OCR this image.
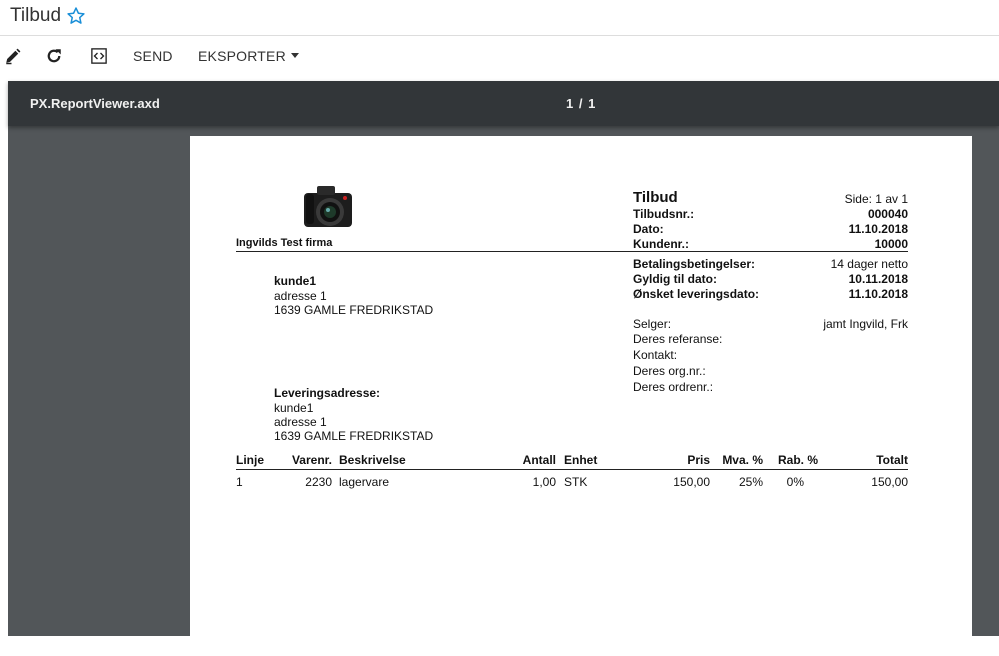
Tilbud
SEND EKSPORTER
PX.ReportViewer.axd	1 / 1
Ingvilds Test firma
Tilbud	Side: 1 av 1
Tilbudsnr.:	000040
Dato:	11.10.2018
Kundenr.:	10000
Betalingsbetingelser:	14 dager netto
Gyldig til dato:	10.11.2018
Ønsket leveringsdato:	11.10.2018
Selger:	jamt Ingvild, Frk
Deres referanse:
Kontakt:
Deres org.nr.:
Deres ordrenr.:
kunde1
adresse 1
1639 GAMLE FREDRIKSTAD
Leveringsadresse:
kunde1
adresse 1
1639 GAMLE FREDRIKSTAD
Linje	Varenr. Beskrivelse	Antall Enhet	Pris	Mva. %	Rab. %	Totalt
1	2230 lagervare	1,00 STK	150,00	25%	0%	150,00
